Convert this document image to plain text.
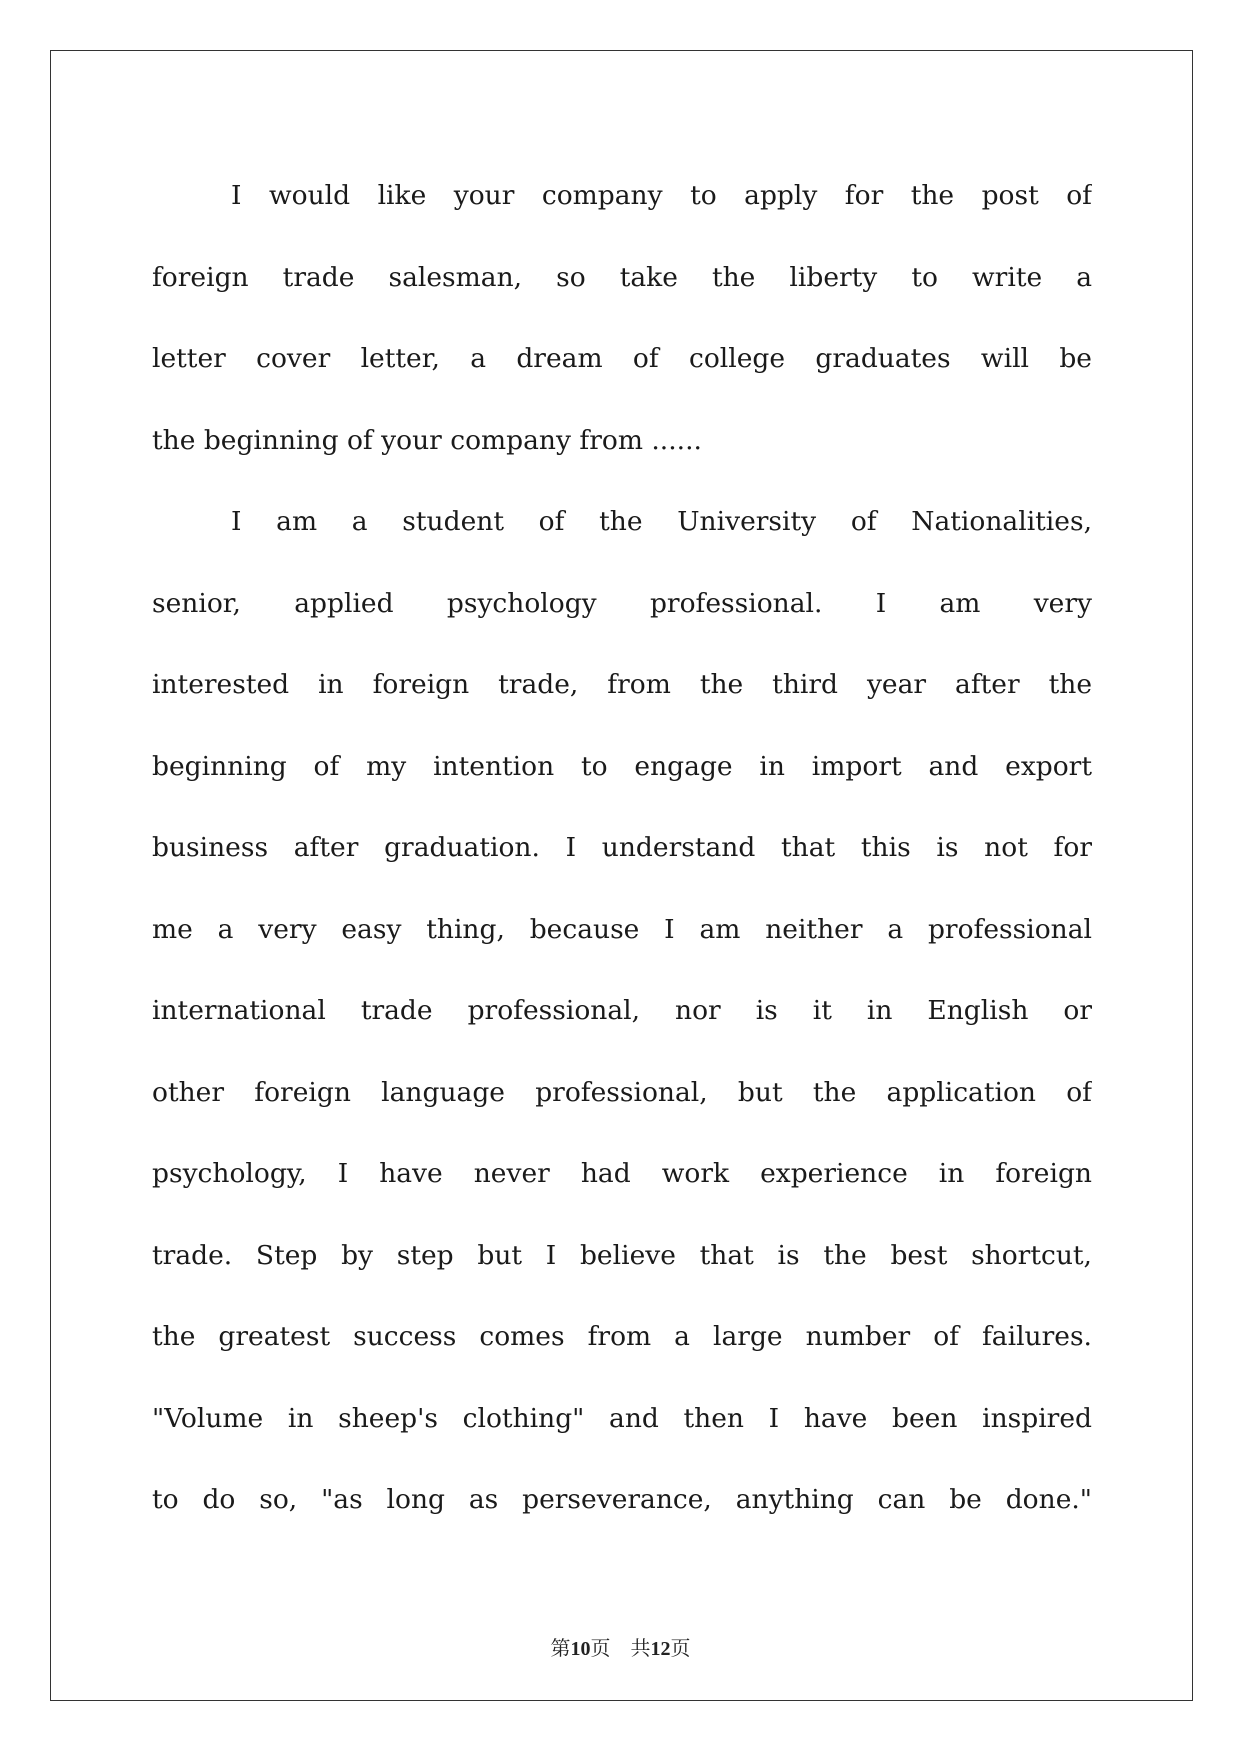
I would like your company to apply for the post of
foreign trade salesman, so take the liberty to write a
letter cover letter, a dream of college graduates will be
the beginning of your company from ......
I am a student of the University of Nationalities,
senior, applied psychology professional. I am very
interested in foreign trade, from the third year after the
beginning of my intention to engage in import and export
business after graduation. I understand that this is not for
me a very easy thing, because I am neither a professional
international trade professional, nor is it in English or
other foreign language professional, but the application of
psychology, I have never had work experience in foreign
trade. Step by step but I believe that is the best shortcut,
the greatest success comes from a large number of failures.
"Volume in sheep's clothing" and then I have been inspired
to do so, "as long as perseverance, anything can be done."
第10页 共12页
